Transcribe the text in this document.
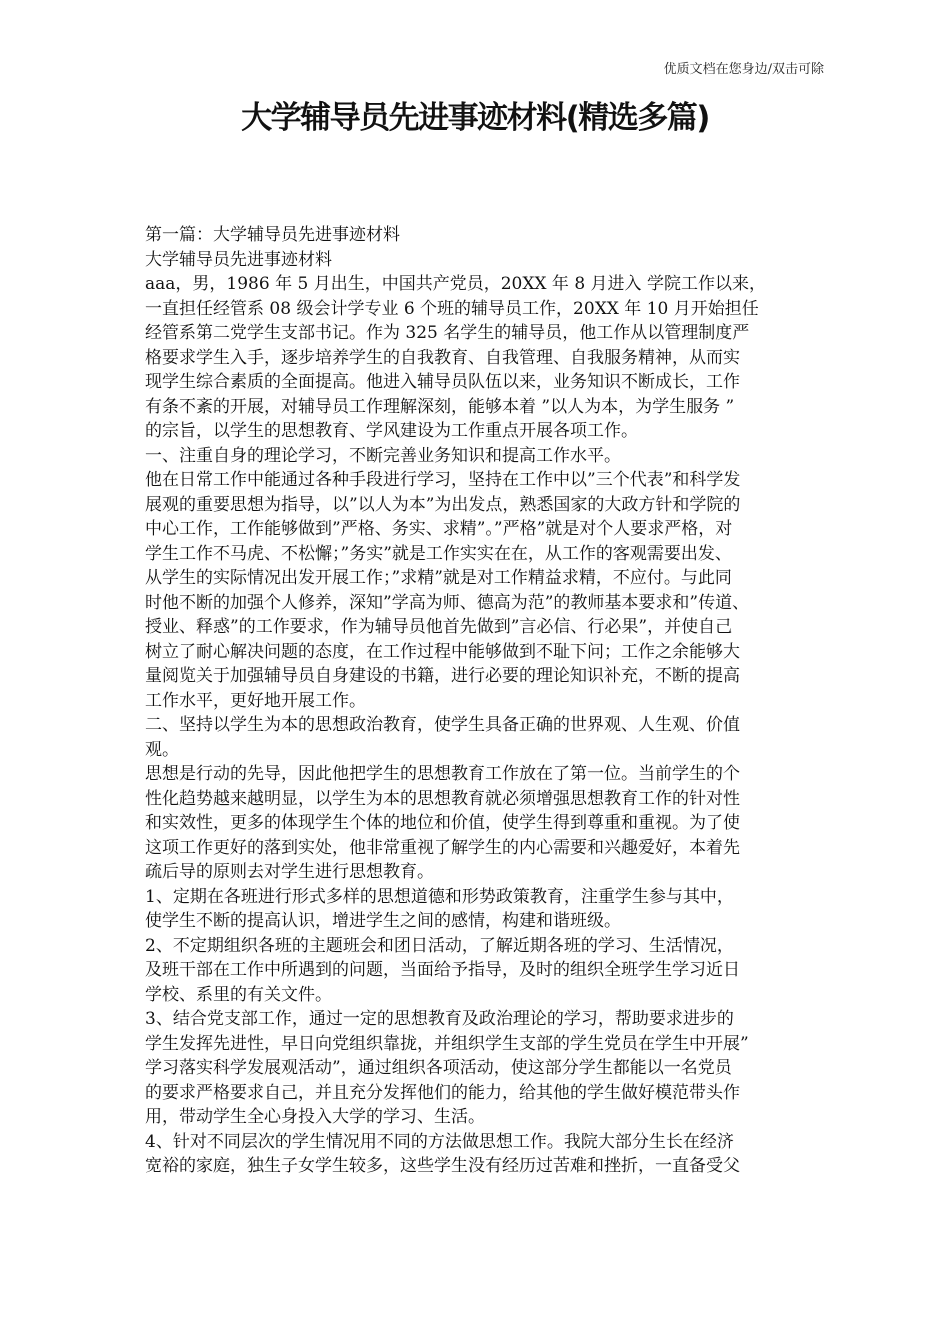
优质文档在您身边/双击可除
大学辅导员先进事迹材料(精选多篇)
第一篇：大学辅导员先进事迹材料
大学辅导员先进事迹材料
aaa，男，1986 年 5 月出生，中国共产党员，20XX 年 8 月进入 学院工作以来，
一直担任经管系 08 级会计学专业 6 个班的辅导员工作，20XX 年 10 月开始担任
经管系第二党学生支部书记。作为 325 名学生的辅导员，他工作从以管理制度严
格要求学生入手，逐步培养学生的自我教育、自我管理、自我服务精神，从而实
现学生综合素质的全面提高。他进入辅导员队伍以来，业务知识不断成长，工作
有条不紊的开展，对辅导员工作理解深刻，能够本着 ”以人为本，为学生服务 ”
的宗旨，以学生的思想教育、学风建设为工作重点开展各项工作。
一、注重自身的理论学习，不断完善业务知识和提高工作水平。
他在日常工作中能通过各种手段进行学习，坚持在工作中以”三个代表”和科学发
展观的重要思想为指导，以”以人为本”为出发点，熟悉国家的大政方针和学院的
中心工作，工作能够做到”严格、务实、求精”。”严格”就是对个人要求严格，对
学生工作不马虎、不松懈；”务实”就是工作实实在在，从工作的客观需要出发、
从学生的实际情况出发开展工作；”求精”就是对工作精益求精，不应付。与此同
时他不断的加强个人修养，深知”学高为师、德高为范”的教师基本要求和”传道、
授业、释惑”的工作要求，作为辅导员他首先做到”言必信、行必果”，并使自己
树立了耐心解决问题的态度，在工作过程中能够做到不耻下问；工作之余能够大
量阅览关于加强辅导员自身建设的书籍，进行必要的理论知识补充，不断的提高
工作水平，更好地开展工作。
二、坚持以学生为本的思想政治教育，使学生具备正确的世界观、人生观、价值
观。
思想是行动的先导，因此他把学生的思想教育工作放在了第一位。当前学生的个
性化趋势越来越明显，以学生为本的思想教育就必须增强思想教育工作的针对性
和实效性，更多的体现学生个体的地位和价值，使学生得到尊重和重视。为了使
这项工作更好的落到实处，他非常重视了解学生的内心需要和兴趣爱好，本着先
疏后导的原则去对学生进行思想教育。
1、定期在各班进行形式多样的思想道德和形势政策教育，注重学生参与其中，
使学生不断的提高认识，增进学生之间的感情，构建和谐班级。
2、不定期组织各班的主题班会和团日活动，了解近期各班的学习、生活情况，
及班干部在工作中所遇到的问题，当面给予指导，及时的组织全班学生学习近日
学校、系里的有关文件。
3、结合党支部工作，通过一定的思想教育及政治理论的学习，帮助要求进步的
学生发挥先进性，早日向党组织靠拢，并组织学生支部的学生党员在学生中开展”
学习落实科学发展观活动”，通过组织各项活动，使这部分学生都能以一名党员
的要求严格要求自己，并且充分发挥他们的能力，给其他的学生做好模范带头作
用，带动学生全心身投入大学的学习、生活。
4、针对不同层次的学生情况用不同的方法做思想工作。我院大部分生长在经济
宽裕的家庭，独生子女学生较多，这些学生没有经历过苦难和挫折，一直备受父
